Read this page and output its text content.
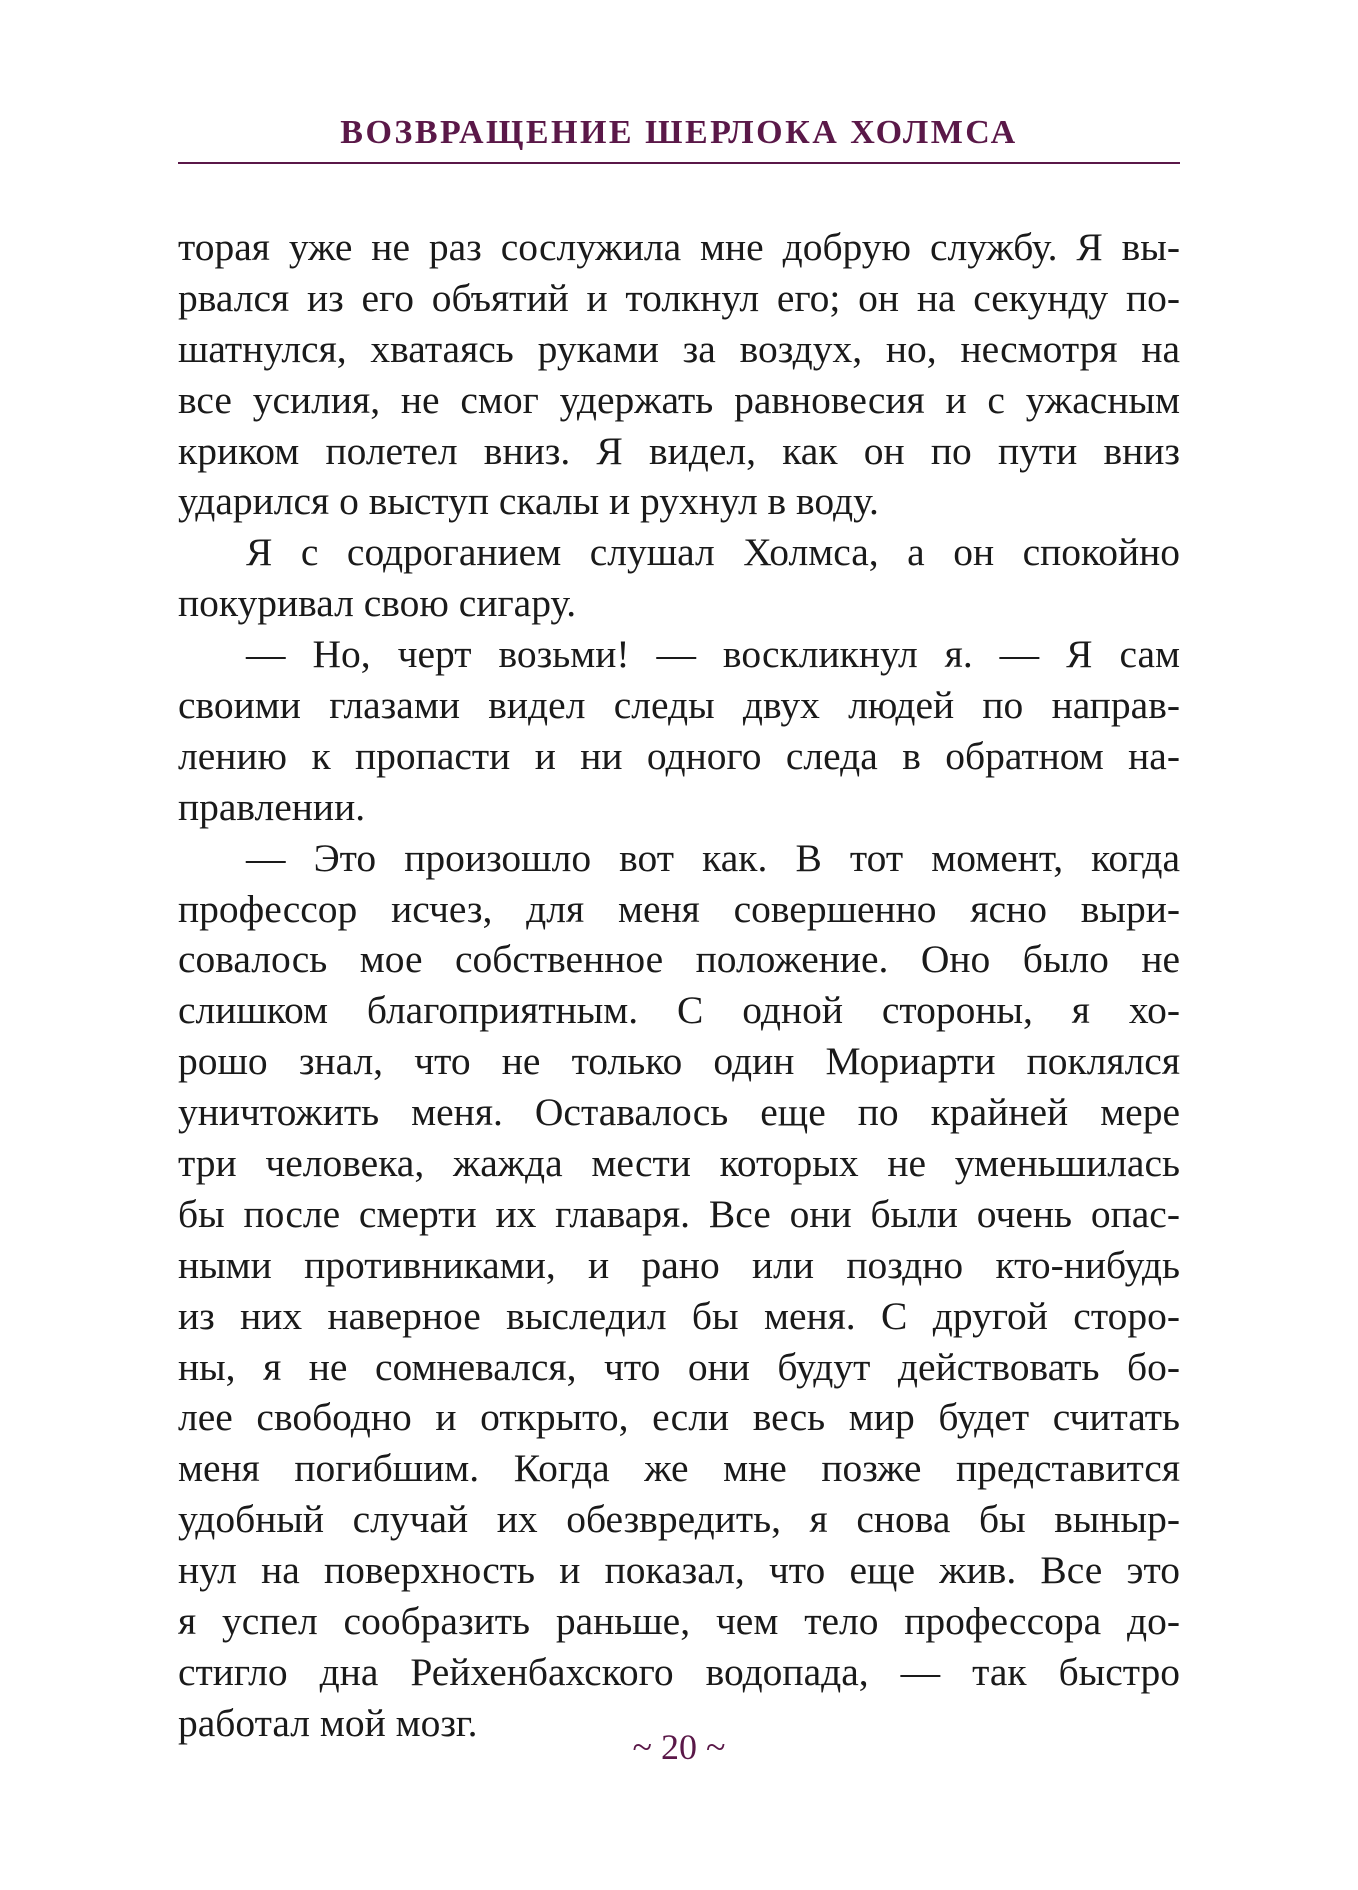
ВОЗВРАЩЕНИЕ ШЕРЛОКА ХОЛМСА
торая уже не раз сослужила мне добрую службу. Я вы-
рвался из его объятий и толкнул его; он на секунду по-
шатнулся, хватаясь руками за воздух, но, несмотря на
все усилия, не смог удержать равновесия и с ужасным
криком полетел вниз. Я видел, как он по пути вниз
ударился о выступ скалы и рухнул в воду.
Я с содроганием слушал Холмса, а он спокойно
покуривал свою сигару.
— Но, черт возьми! — воскликнул я. — Я сам
своими глазами видел следы двух людей по направ-
лению к пропасти и ни одного следа в обратном на-
правлении.
— Это произошло вот как. В тот момент, когда
профессор исчез, для меня совершенно ясно выри-
совалось мое собственное положение. Оно было не
слишком благоприятным. С одной стороны, я хо-
рошо знал, что не только один Мориарти поклялся
уничтожить меня. Оставалось еще по крайней мере
три человека, жажда мести которых не уменьшилась
бы после смерти их главаря. Все они были очень опас-
ными противниками, и рано или поздно кто-нибудь
из них наверное выследил бы меня. С другой сторо-
ны, я не сомневался, что они будут действовать бо-
лее свободно и открыто, если весь мир будет считать
меня погибшим. Когда же мне позже представится
удобный случай их обезвредить, я снова бы выныр-
нул на поверхность и показал, что еще жив. Все это
я успел сообразить раньше, чем тело профессора до-
стигло дна Рейхенбахского водопада, — так быстро
работал мой мозг.
~ 20 ~
